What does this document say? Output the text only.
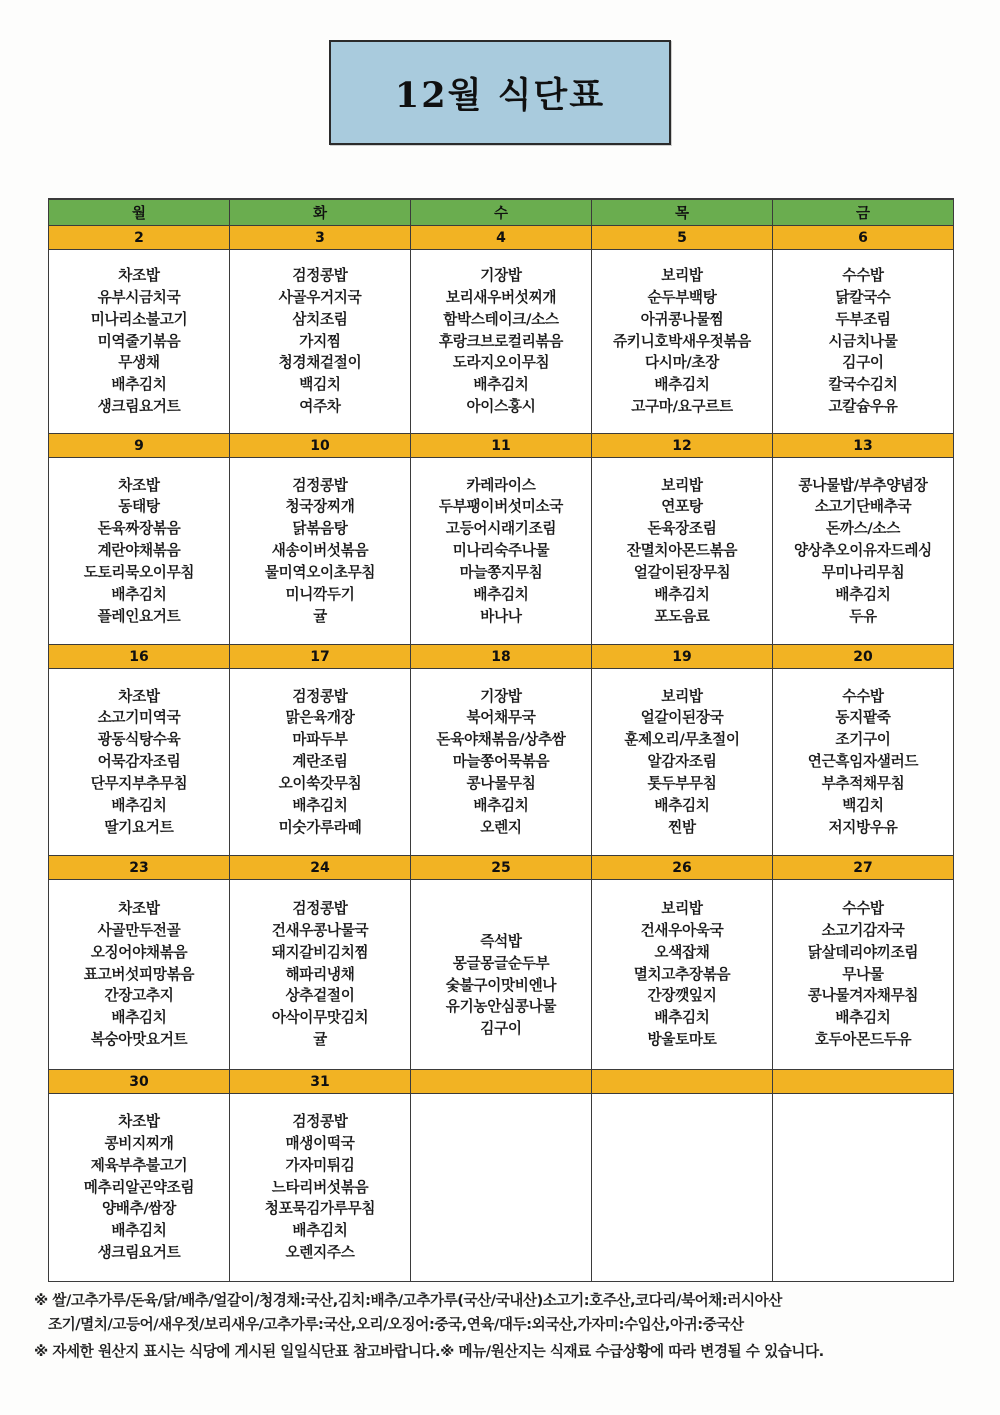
12월 식단표
월	화	수	목	금
2	3	4	5	6

차조밥
유부시금치국
미나리소불고기
미역줄기볶음
무생채
배추김치
생크림요거트

검정콩밥
사골우거지국
삼치조림
가지찜
청경채겉절이
백김치
여주차

기장밥
보리새우버섯찌개
함박스테이크/소스
후랑크브로컬리볶음
도라지오이무침
배추김치
아이스홍시

보리밥
순두부백탕
아귀콩나물찜
쥬키니호박새우젓볶음
다시마/초장
배추김치
고구마/요구르트

수수밥
닭칼국수
두부조림
시금치나물
김구이
칼국수김치
고칼슘우유

9	10	11	12	13

차조밥
동태탕
돈육짜장볶음
계란야채볶음
도토리묵오이무침
배추김치
플레인요거트

검정콩밥
청국장찌개
닭볶음탕
새송이버섯볶음
물미역오이초무침
미니깍두기
귤

카레라이스
두부팽이버섯미소국
고등어시래기조림
미나리숙주나물
마늘쫑지무침
배추김치
바나나

보리밥
연포탕
돈육장조림
잔멸치아몬드볶음
얼갈이된장무침
배추김치
포도음료

콩나물밥/부추양념장
소고기단배추국
돈까스/소스
양상추오이유자드레싱
무미나리무침
배추김치
두유

16	17	18	19	20

차조밥
소고기미역국
광동식탕수육
어묵감자조림
단무지부추무침
배추김치
딸기요거트

검정콩밥
맑은육개장
마파두부
계란조림
오이쑥갓무침
배추김치
미숫가루라떼

기장밥
북어채무국
돈육야채볶음/상추쌈
마늘쫑어묵볶음
콩나물무침
배추김치
오렌지

보리밥
얼갈이된장국
훈제오리/무초절이
알감자조림
톳두부무침
배추김치
찐밤

수수밥
동지팥죽
조기구이
연근흑임자샐러드
부추적채무침
백김치
저지방우유

23	24	25	26	27

차조밥
사골만두전골
오징어야채볶음
표고버섯피망볶음
간장고추지
배추김치
복숭아맛요거트

검정콩밥
건새우콩나물국
돼지갈비김치찜
해파리냉채
상추겉절이
아삭이무맛김치
귤

즉석밥
몽글몽글순두부
숯불구이맛비엔나
유기농안심콩나물
김구이

보리밥
건새우아욱국
오색잡채
멸치고추장볶음
간장깻잎지
배추김치
방울토마토

수수밥
소고기감자국
닭살데리야끼조림
무나물
콩나물겨자채무침
배추김치
호두아몬드두유

30	31			

차조밥
콩비지찌개
제육부추불고기
메추리알곤약조림
양배추/쌈장
배추김치
생크림요거트

검정콩밥
매생이떡국
가자미튀김
느타리버섯볶음
청포묵김가루무침
배추김치
오렌지주스

※ 쌀/고추가루/돈육/닭/배추/얼갈이/청경채:국산,김치:배추/고추가루(국산/국내산)소고기:호주산,코다리/북어채:러시아산
조기/멸치/고등어/새우젓/보리새우/고추가루:국산,오리/오징어:중국,연육/대두:외국산,가자미:수입산,아귀:중국산
※ 자세한 원산지 표시는 식당에 게시된 일일식단표 참고바랍니다.※ 메뉴/원산지는 식재료 수급상황에 따라 변경될 수 있습니다.
